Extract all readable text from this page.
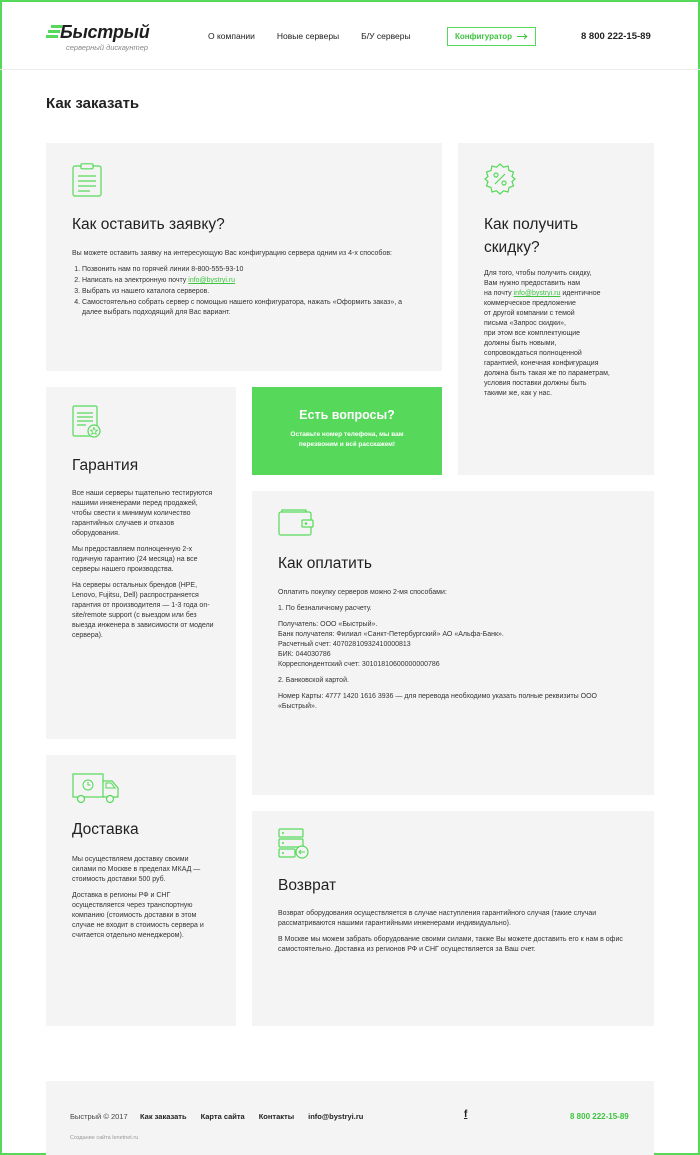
Быстрый
серверный дискаунтер
О компании	Новые серверы	Б/У серверы	Конфигуратор	8 800 222-15-89
Как заказать
Как оставить заявку?

Вы можете оставить заявку на интересующую Вас конфигурацию сервера одним из 4-х способов:

1. Позвонить нам по горячей линии 8-800-555-93-10
2. Написать на электронную почту info@bystryi.ru
3. Выбрать из нашего каталога серверов.
4. Самостоятельно собрать сервер с помощью нашего конфигуратора, нажать «Оформить заказ», а далее выбрать подходящий для Вас вариант.
Как получить скидку?
Для того, чтобы получить скидку,
Вам нужно предоставить нам
на почту info@bystryi.ru идентичное
коммерческое предложение
от другой компании с темой
письма «Запрос скидки»,
при этом все комплектующие
должны быть новыми,
сопровождаться полноценной
гарантией, конечная конфигурация
должна быть такая же по параметрам,
условия поставки должны быть
такими же, как у нас.
Гарантия

Все наши серверы тщательно тестируются нашими инженерами перед продажей, чтобы свести к минимум количество гарантийных случаев и отказов оборудования.

Мы предоставляем полноценную 2-х годичную гарантию (24 месяца) на все серверы нашего производства.

На серверы остальных брендов (HPE, Lenovo, Fujitsu, Dell) распространяется гарантия от производителя — 1-3 года on-site/remote support (с выездом или без выезда инженера в зависимости от модели сервера).

Есть вопросы?

Оставьте номер телефона, мы вам
перезвоним и всё расскажем!

Как оплатить

Оплатить покупку серверов можно 2-мя способами:

1. По безналичному расчету.

Получатель: ООО «Быстрый».
Банк получателя: Филиал «Санкт-Петербургский» АО «Альфа-Банк».
Расчетный счет: 40702810932410000813
БИК: 044030786
Корреспондентский счет: 30101810600000000786

2. Банковской картой.

Номер Карты: 4777 1420 1616 3936 — для перевода необходимо указать полные реквизиты ООО «Быстрый».

Доставка

Мы осуществляем доставку своими силами по Москве в пределах МКАД — стоимость доставки 500 руб.

Доставка в регионы РФ и СНГ осуществляется через транспортную компанию (стоимость доставки в этом случае не входит в стоимость сервера и считается отдельно менеджером).

Возврат

Возврат оборудования осуществляется в случае наступления гарантийного случая (такие случаи рассматриваются нашими гарантийными инженерами индивидуально).

В Москве мы можем забрать оборудование своими силами, также Вы можете доставить его к нам в офис самостоятельно. Доставка из регионов РФ и СНГ осуществляется за Ваш счет.

Быстрый © 2017 Как заказать Карта сайта Контакты info@bystryi.ru	f	8 800 222-15-89
Создание сайта lenetnet.ru
